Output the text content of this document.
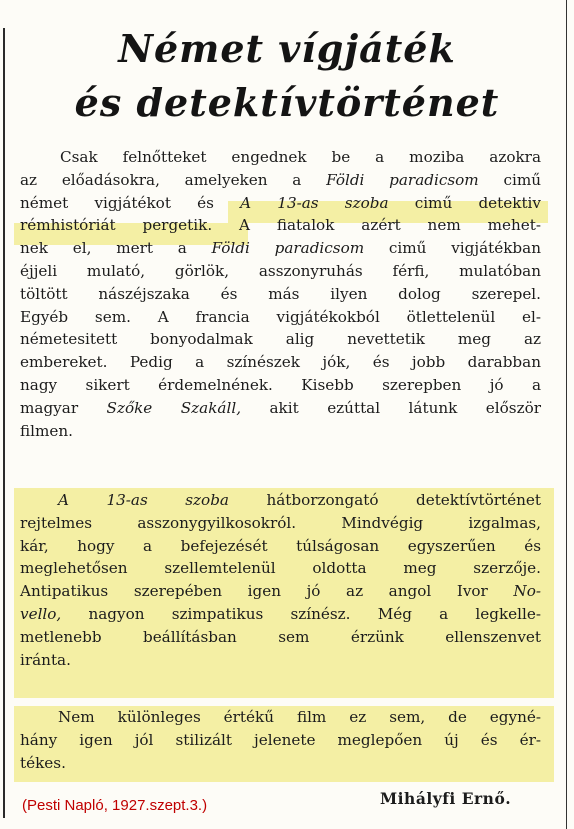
Német vígjáték
és detektívtörténet
Csak felnőtteket engednek be a moziba azokra
az előadásokra, amelyeken a Földi paradicsom cimű
német vigjátékot és A 13-as szoba cimű detektiv
rémhistóriát pergetik. A fiatalok azért nem mehet-
nek el, mert a Földi paradicsom cimű vigjátékban
éjjeli mulató, görlök, asszonyruhás férfi, mulatóban
töltött nászéjszaka és más ilyen dolog szerepel.
Egyéb sem. A francia vigjátékokból ötlettelenül el-
németesitett bonyodalmak alig nevettetik meg az
embereket. Pedig a színészek jók, és jobb darabban
nagy sikert érdemelnének. Kisebb szerepben jó a
magyar Szőke Szakáll, akit ezúttal látunk először
filmen.
A 13-as szoba hátborzongató detektívtörténet
rejtelmes asszonygyilkosokról. Mindvégig izgalmas,
kár, hogy a befejezését túlságosan egyszerűen és
meglehetősen szellemtelenül oldotta meg szerzője.
Antipatikus szerepében igen jó az angol Ivor No-
vello, nagyon szimpatikus színész. Még a legkelle-
metlenebb beállításban sem érzünk ellenszenvet
iránta.
Nem különleges értékű film ez sem, de egyné-
hány igen jól stilizált jelenete meglepően új és ér-
tékes.
Mihályfi Ernő.
(Pesti Napló, 1927.szept.3.)
